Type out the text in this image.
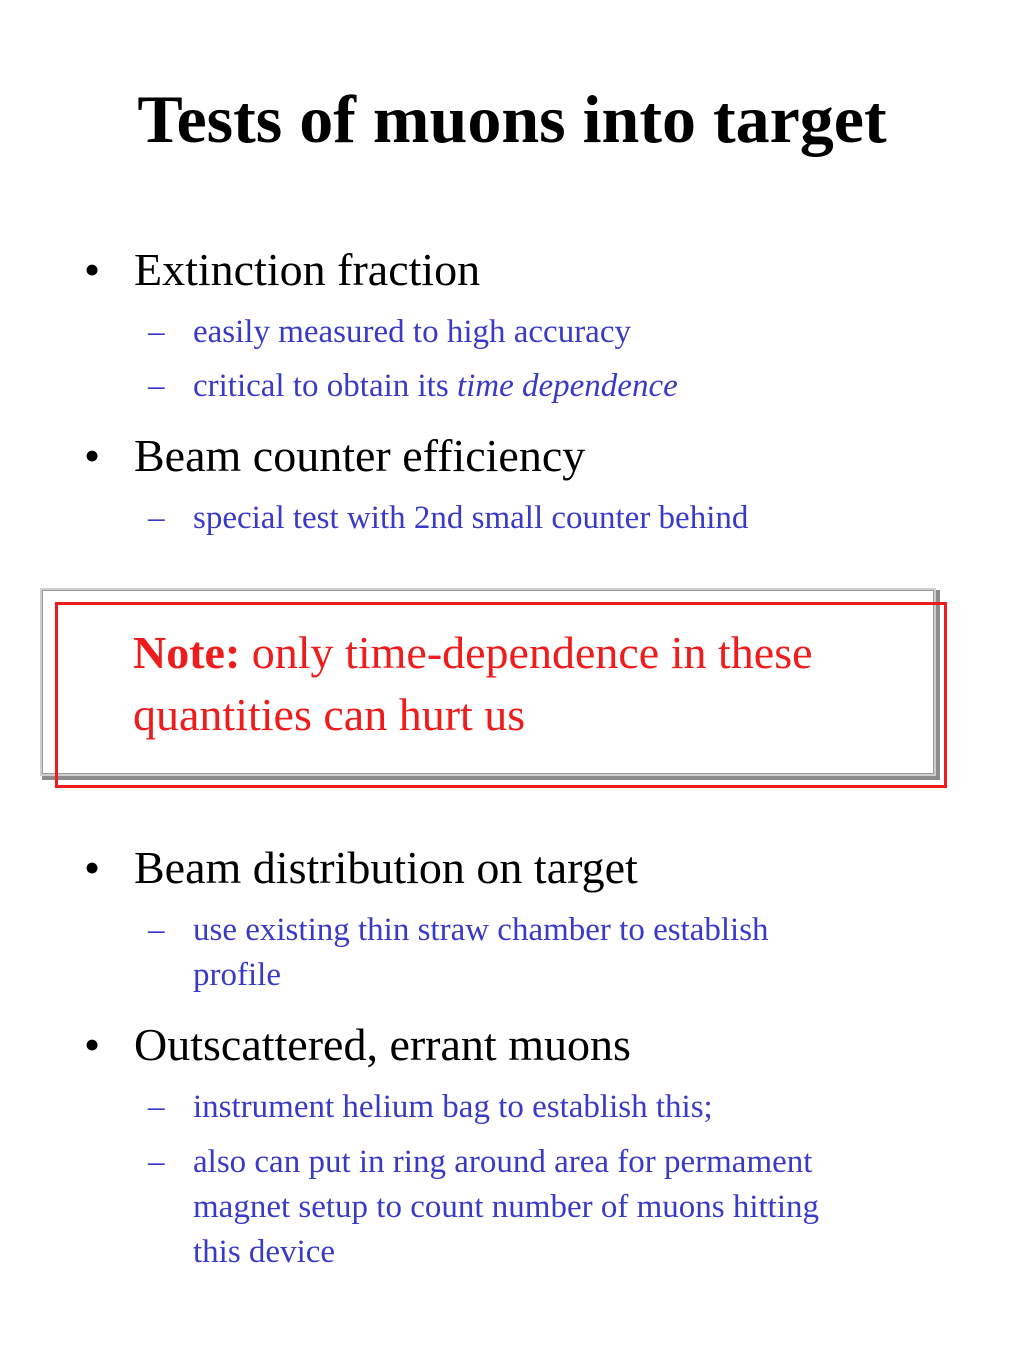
Tests of muons into target
• Extinction fraction
– easily measured to high accuracy
– critical to obtain its time dependence
• Beam counter efficiency
– special test with 2nd small counter behind
Note: only time-dependence in these
quantities can hurt us
• Beam distribution on target
– use existing thin straw chamber to establish
profile
• Outscattered, errant muons
– instrument helium bag to establish this;
– also can put in ring around area for permament
magnet setup to count number of muons hitting
this device
